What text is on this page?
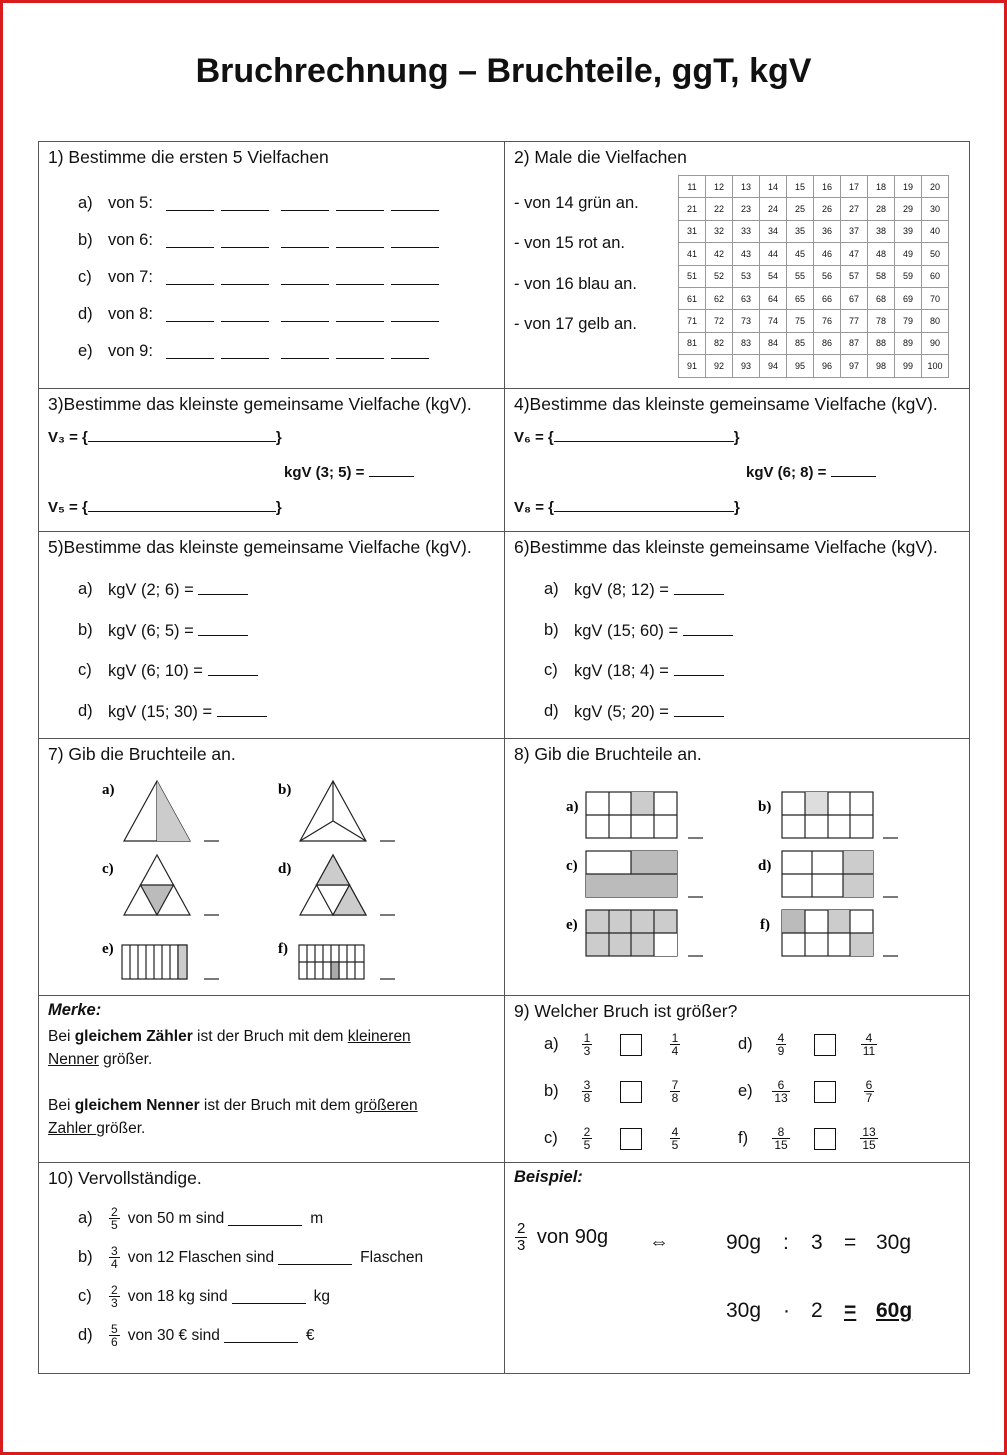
Bruchrechnung – Bruchteile, ggT, kgV
1) Bestimme die ersten 5 Vielfachen
a) von 5:
b) von 6:
c) von 7:
d) von 8:
e) von 9:

2) Male die Vielfachen
- von 14 grün an.
- von 15 rot an.
- von 16 blau an.
- von 17 gelb an.
11	12	13	14	15	16	17	18	19	20
21	22	23	24	25	26	27	28	29	30
31	32	33	34	35	36	37	38	39	40
41	42	43	44	45	46	47	48	49	50
51	52	53	54	55	56	57	58	59	60
61	62	63	64	65	66	67	68	69	70
71	72	73	74	75	76	77	78	79	80
81	82	83	84	85	86	87	88	89	90
91	92	93	94	95	96	97	98	99	100

3)Bestimme das kleinste gemeinsame Vielfache (kgV).
V₃ = {	}
kgV (3; 5) =
V₅ = {	}

4)Bestimme das kleinste gemeinsame Vielfache (kgV).
V₆ = {	}
kgV (6; 8) =
V₈ = {	}

5)Bestimme das kleinste gemeinsame Vielfache (kgV).
a) kgV (2; 6) =
b) kgV (6; 5) =
c) kgV (6; 10) =
d) kgV (15; 30) =

6)Bestimme das kleinste gemeinsame Vielfache (kgV).
a) kgV (8; 12) =
b) kgV (15; 60) =
c) kgV (18; 4) =
d) kgV (5; 20) =

7) Gib die Bruchteile an.
a)	b)
c)	d)
e)	f)

8) Gib die Bruchteile an.
a)	b)
c)	d)
e)	f)

Merke:
Bei gleichem Zähler ist der Bruch mit dem kleineren
Nenner größer.
Bei gleichem Nenner ist der Bruch mit dem größeren
Zahler größer.

9) Welcher Bruch ist größer?
a)	$\frac{1}{3}$	$\frac{1}{4}$
b)	$\frac{3}{8}$	$\frac{7}{8}$
c)	$\frac{2}{5}$	$\frac{4}{5}$
d)	$\frac{4}{9}$	$\frac{4}{11}$
e)	$\frac{6}{13}$	$\frac{6}{7}$
f)	$\frac{8}{15}$	$\frac{13}{15}$

10) Vervollständige.
$a) \frac{2}{5}$ von 50 m sind	m
$b) \frac{3}{4}$ von 12 Flaschen sind	Flaschen
$c) \frac{2}{3}$ von 18 kg sind	kg
$d) \frac{5}{6}$ von 30 € sind	€

Beispiel:
$\frac{2}{3}$ von 90g ⇔	90g : 3 = 30g
30g · 2 = 60g
